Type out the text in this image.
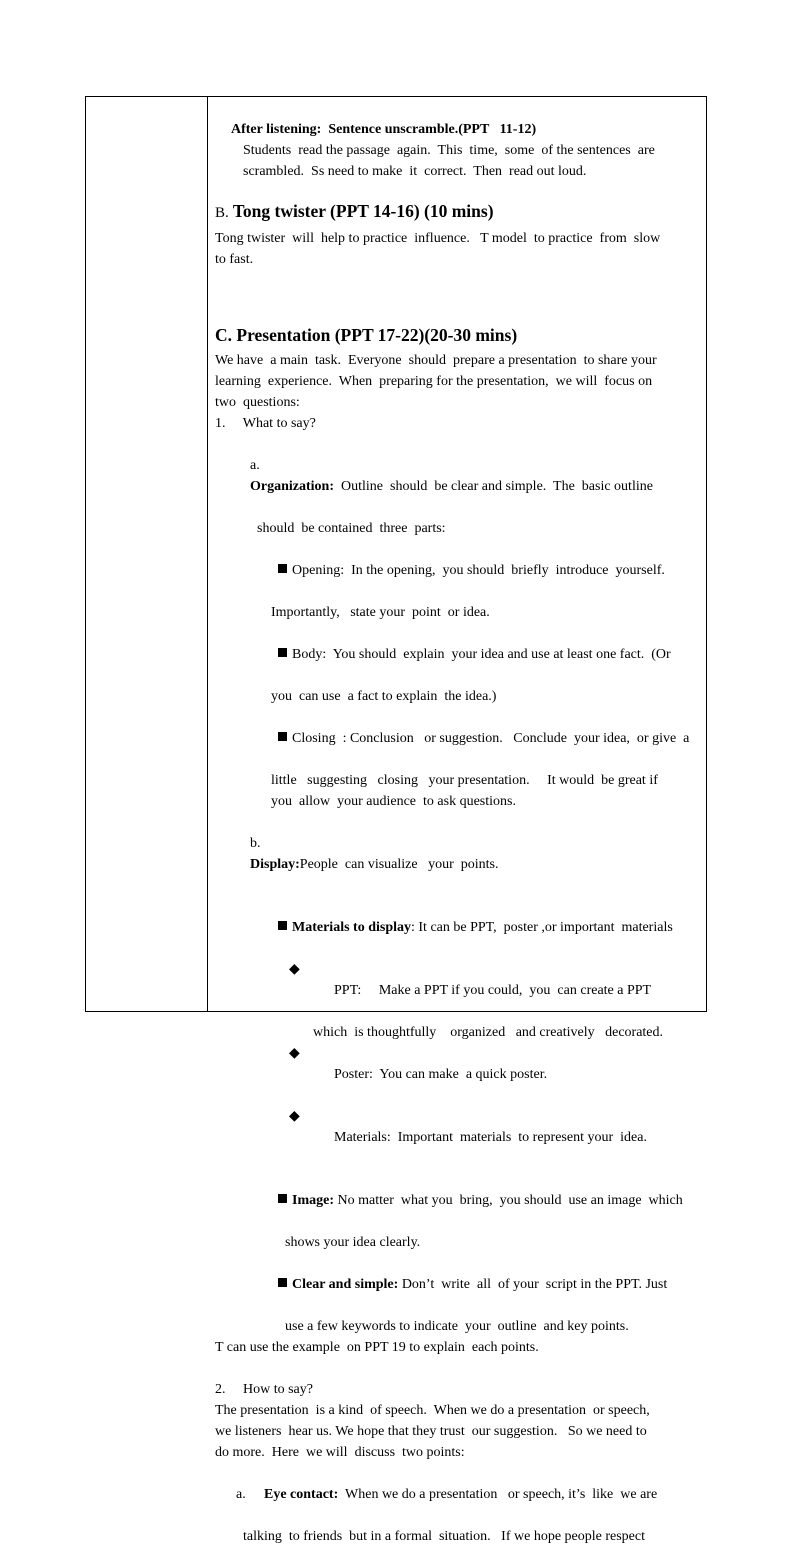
After listening:  Sentence unscramble.(PPT   11-12)
Students  read the passage  again.  This  time,  some  of the sentences  are
scrambled.  Ss need to make  it  correct.  Then  read out loud.
B. Tong twister (PPT 14-16) (10 mins)
Tong twister  will  help to practice  influence.   T model  to practice  from  slow
to fast.
C. Presentation (PPT 17-22)(20-30 mins)
We have  a main  task.  Everyone  should  prepare a presentation  to share your
learning  experience.  When  preparing for the presentation,  we will  focus on
two  questions:
1.     What to say?

a.
Organization:  Outline  should  be clear and simple.  The  basic outline

should  be contained  three  parts:

Opening:  In the opening,  you should  briefly  introduce  yourself.

Importantly,   state your  point  or idea.

Body:  You should  explain  your idea and use at least one fact.  (Or

you  can use  a fact to explain  the idea.)

Closing  : Conclusion   or suggestion.   Conclude  your idea,  or give  a

little   suggesting   closing   your presentation.     It would  be great if
you  allow  your audience  to ask questions.

b.
Display:People  can visualize   your  points.

Materials to display: It can be PPT,  poster ,or important  materials

◆
PPT:     Make a PPT if you could,  you  can create a PPT

which  is thoughtfully    organized   and creatively   decorated.

◆
Poster:  You can make  a quick poster.

◆
Materials:  Important  materials  to represent your  idea.

Image: No matter  what you  bring,  you should  use an image  which

shows your idea clearly.

Clear and simple: Don’t  write  all  of your  script in the PPT. Just

use a few keywords to indicate  your  outline  and key points.
T can use the example  on PPT 19 to explain  each points.
2.     How to say?
The presentation  is a kind  of speech.  When we do a presentation  or speech,
we listeners  hear us. We hope that they trust  our suggestion.   So we need to
do more.  Here  we will  discuss  two points:

a. Eye contact:  When we do a presentation   or speech, it’s  like  we are

talking  to friends  but in a formal  situation.   If we hope people respect
